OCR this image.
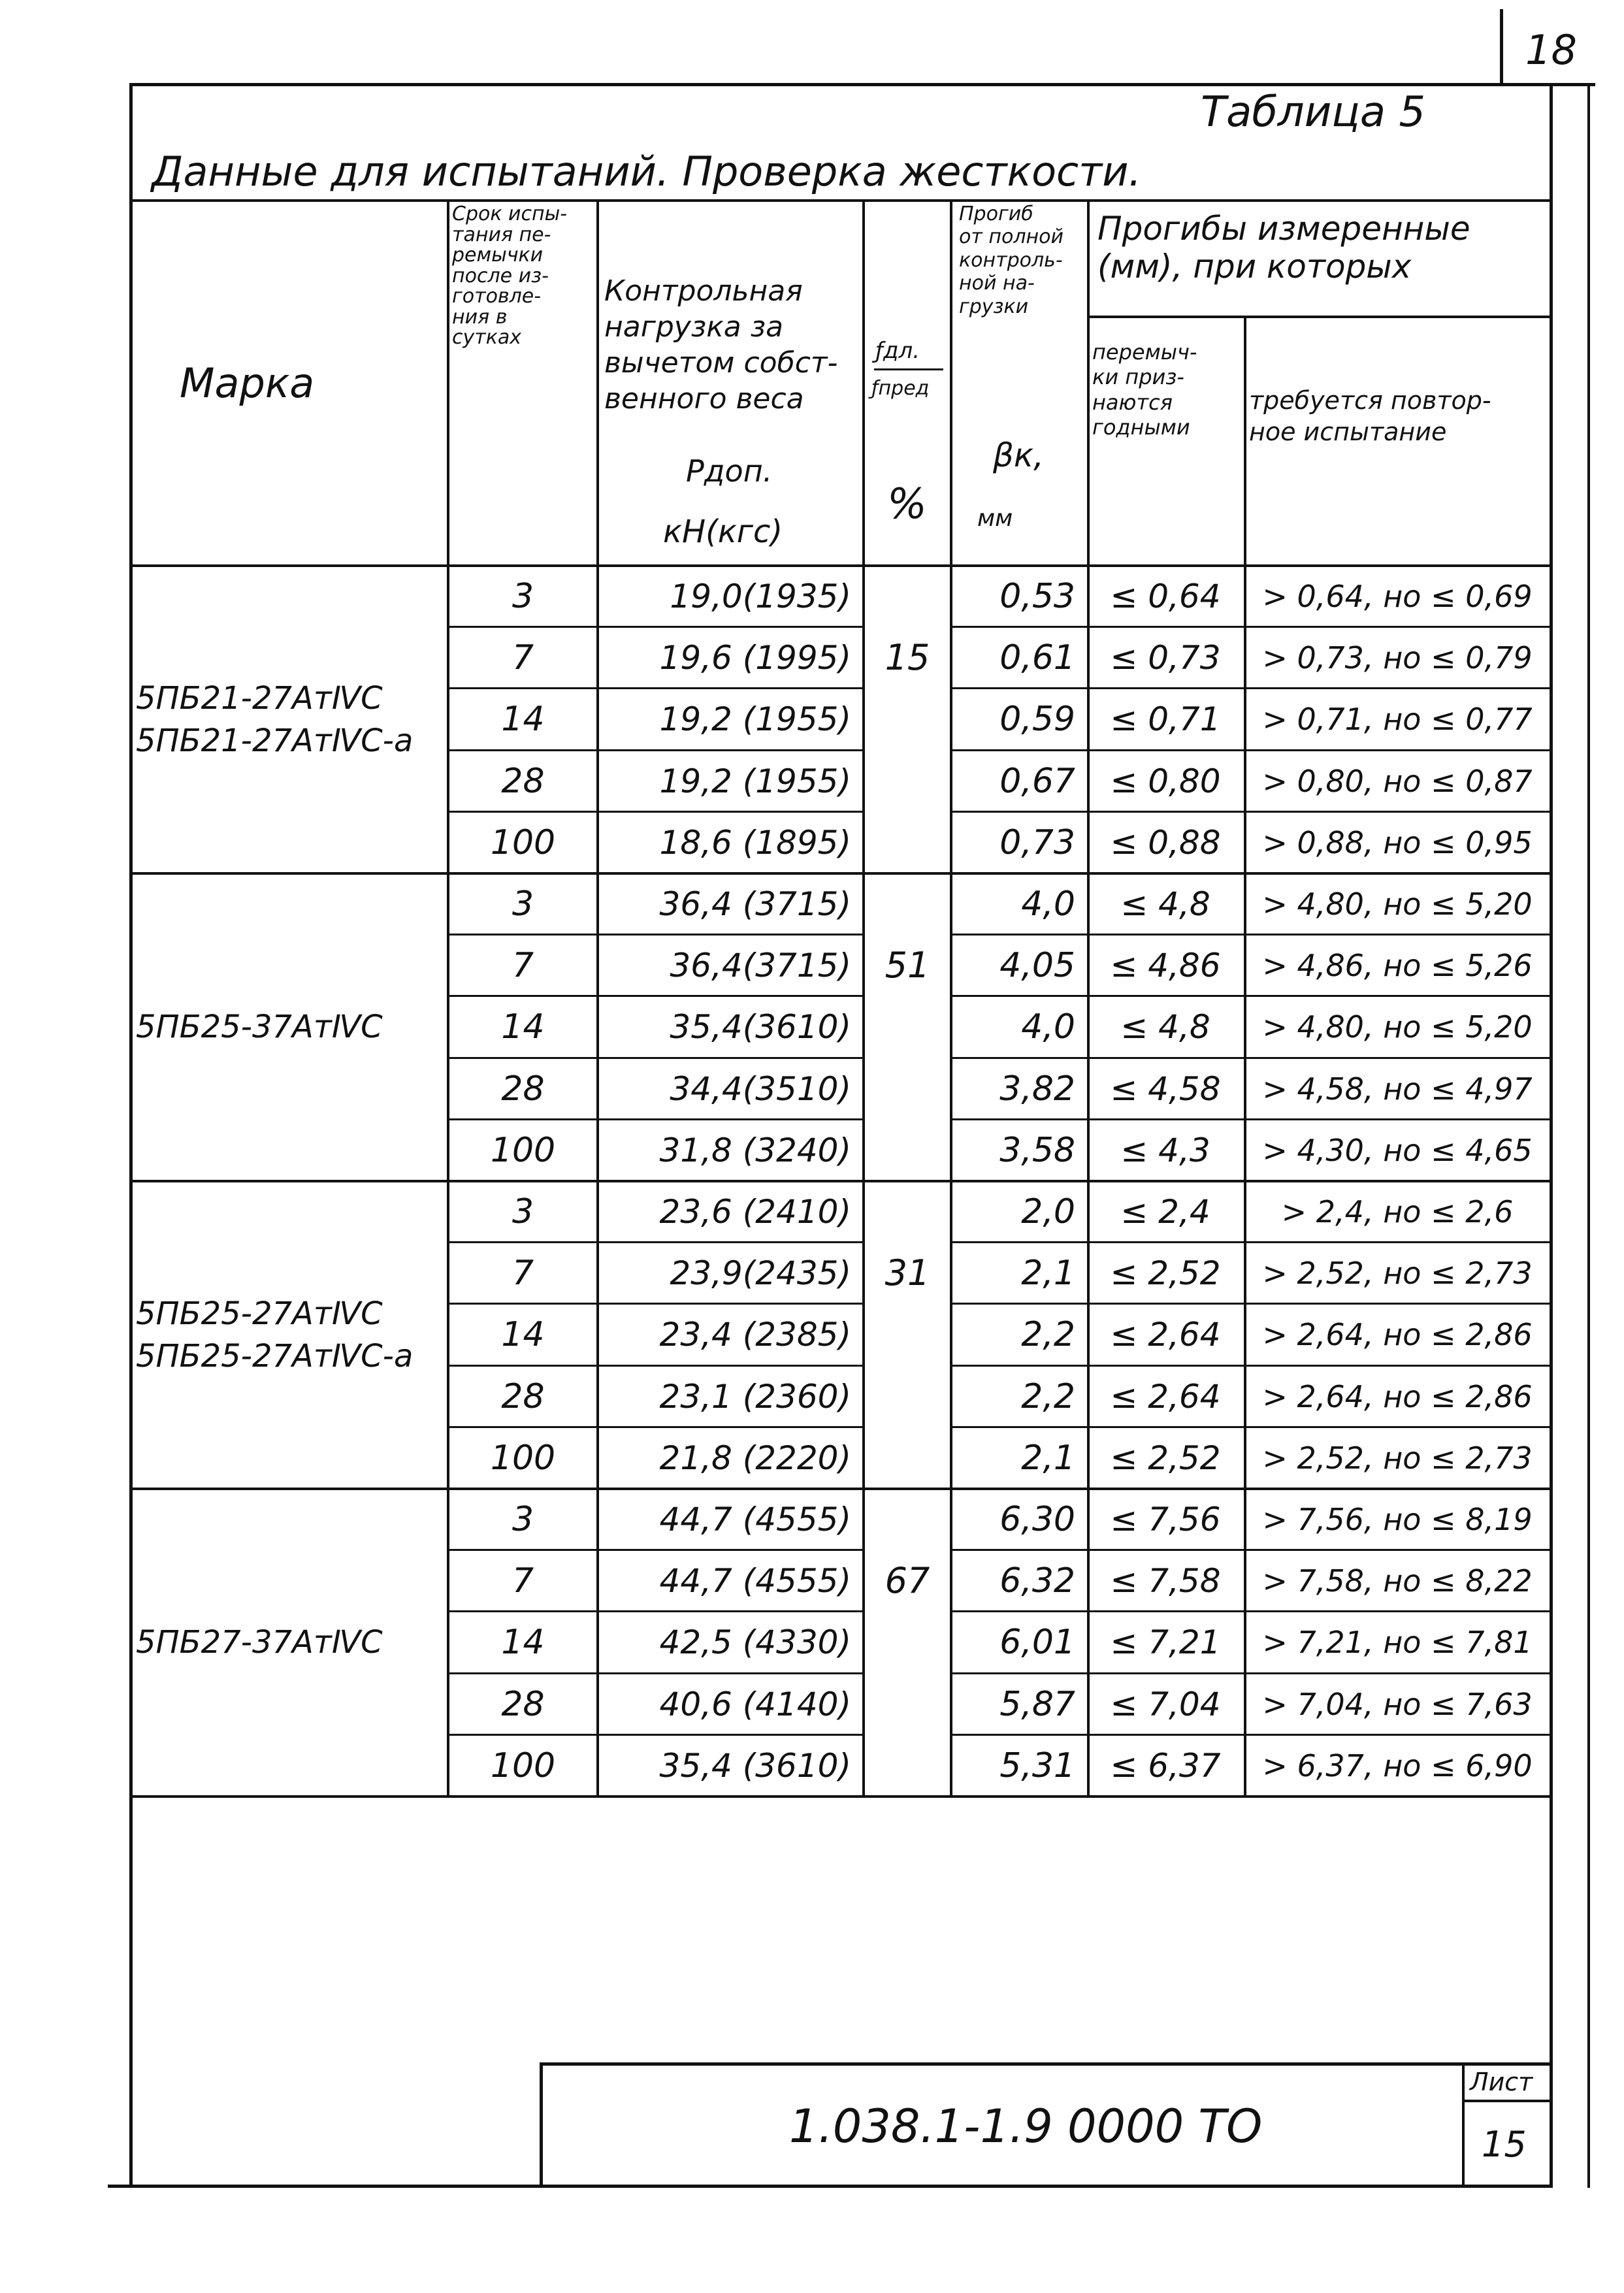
18
Таблица 5
Данные для испытаний. Проверка жесткости.
Марка
Срок испы-
тания пе-
ремычки
после из-
готовле-
ния в
сутках
Контрольная
нагрузка за
вычетом собст-
венного веса
Рдоп.
кН(кгс)
ƒдл.
ƒпред
%
Прогиб
от полной
контроль-
ной на-
грузки
βк,
мм
Прогибы измеренные
(мм), при которых
перемыч-
ки приз-
наются
годными
требуется повтор-
ное испытание
5ПБ21-27АтⅣС
5ПБ21-27АтⅣС-а
15
3	19,0(1935)	0,53	≤ 0,64	> 0,64, но ≤ 0,69
7	19,6 (1995)	0,61	≤ 0,73	> 0,73, но ≤ 0,79
14	19,2 (1955)	0,59	≤ 0,71	> 0,71, но ≤ 0,77
28	19,2 (1955)	0,67	≤ 0,80	> 0,80, но ≤ 0,87
100	18,6 (1895)	0,73	≤ 0,88	> 0,88, но ≤ 0,95
5ПБ25-37АтⅣС
51
3	36,4 (3715)	4,0	≤ 4,8	> 4,80, но ≤ 5,20
7	36,4(3715)	4,05	≤ 4,86	> 4,86, но ≤ 5,26
14	35,4(3610)	4,0	≤ 4,8	> 4,80, но ≤ 5,20
28	34,4(3510)	3,82	≤ 4,58	> 4,58, но ≤ 4,97
100	31,8 (3240)	3,58	≤ 4,3	> 4,30, но ≤ 4,65
5ПБ25-27АтⅣС
5ПБ25-27АтⅣС-а
31
3	23,6 (2410)	2,0	≤ 2,4	> 2,4, но ≤ 2,6
7	23,9(2435)	2,1	≤ 2,52	> 2,52, но ≤ 2,73
14	23,4 (2385)	2,2	≤ 2,64	> 2,64, но ≤ 2,86
28	23,1 (2360)	2,2	≤ 2,64	> 2,64, но ≤ 2,86
100	21,8 (2220)	2,1	≤ 2,52	> 2,52, но ≤ 2,73
5ПБ27-37АтⅣС
67
3	44,7 (4555)	6,30	≤ 7,56	> 7,56, но ≤ 8,19
7	44,7 (4555)	6,32	≤ 7,58	> 7,58, но ≤ 8,22
14	42,5 (4330)	6,01	≤ 7,21	> 7,21, но ≤ 7,81
28	40,6 (4140)	5,87	≤ 7,04	> 7,04, но ≤ 7,63
100	35,4 (3610)	5,31	≤ 6,37	> 6,37, но ≤ 6,90
Лист
15
1.038.1-1.9 0000 ТО
